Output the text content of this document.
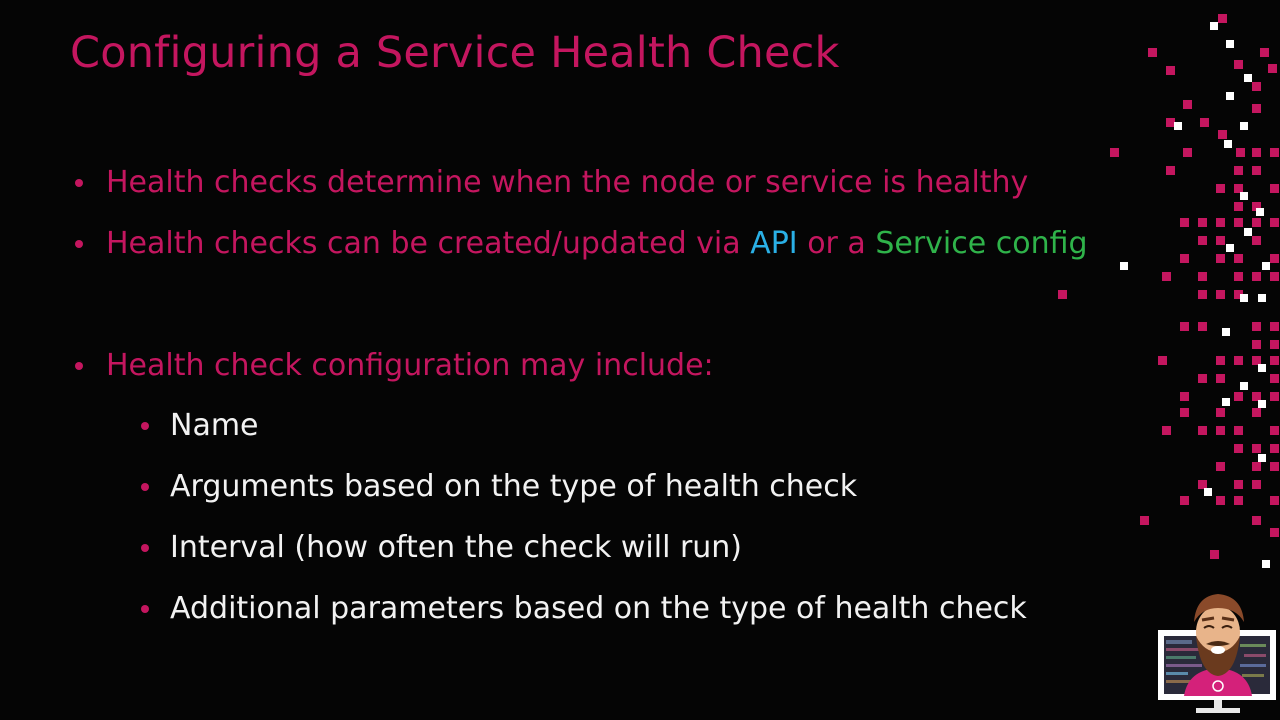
Configuring a Service Health Check
Health checks determine when the node or service is healthy
Health checks can be created/updated via API or a Service config
Health check configuration may include:
Name
Arguments based on the type of health check
Interval (how often the check will run)
Additional parameters based on the type of health check
